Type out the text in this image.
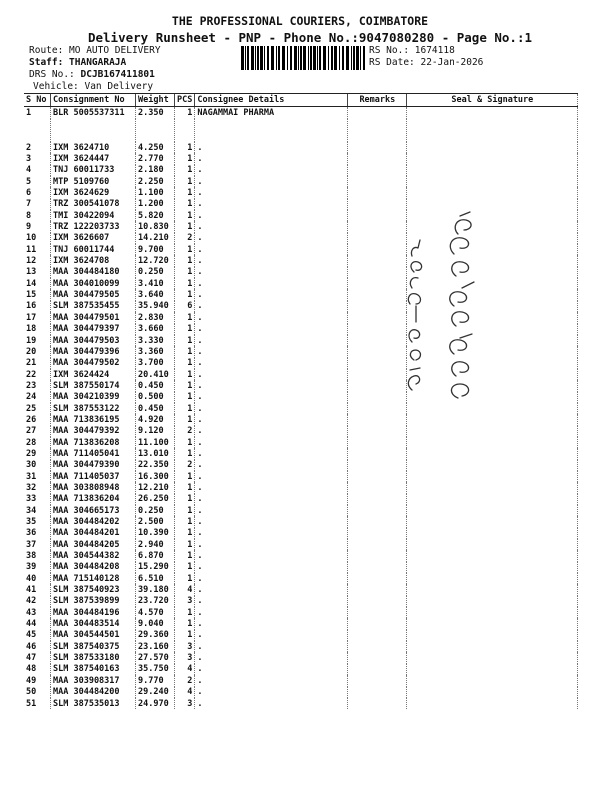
THE PROFESSIONAL COURIERS, COIMBATORE
Delivery Runsheet - PNP - Phone No.:9047080280 - Page No.:1
Route: MO AUTO DELIVERY
Staff: THANGARAJA
DRS No.: DCJB167411801
Vehicle: Van Delivery
RS No.: 1674118
RS Date: 22-Jan-2026
S No	Consignment No	Weight	PCS	Consignee Details	Remarks	Seal & Signature
1	BLR 5005537311	2.350	1	NAGAMMAI PHARMA		

2	IXM 3624710	4.250	1	.		
3	IXM 3624447	2.770	1	.		
4	TNJ 60011733	2.180	1	.		
5	MTP 5109760	2.250	1	.		
6	IXM 3624629	1.100	1	.		
7	TRZ 300541078	1.200	1	.		
8	TMI 30422094	5.820	1	.		
9	TRZ 122203733	10.830	1	.		
10	IXM 3626607	14.210	2	.		
11	TNJ 60011744	9.700	1	.		
12	IXM 3624708	12.720	1	.		
13	MAA 304484180	0.250	1	.		
14	MAA 304010099	3.410	1	.		
15	MAA 304479505	3.640	1	.		
16	SLM 387535455	35.940	6	.		
17	MAA 304479501	2.830	1	.		
18	MAA 304479397	3.660	1	.		
19	MAA 304479503	3.330	1	.		
20	MAA 304479396	3.360	1	.		
21	MAA 304479502	3.700	1	.		
22	IXM 3624424	20.410	1	.		
23	SLM 387550174	0.450	1	.		
24	MAA 304210399	0.500	1	.		
25	SLM 387553122	0.450	1	.		
26	MAA 713836195	4.920	1	.		
27	MAA 304479392	9.120	2	.		
28	MAA 713836208	11.100	1	.		
29	MAA 711405041	13.010	1	.		
30	MAA 304479390	22.350	2	.		
31	MAA 711405037	16.300	1	.		
32	MAA 303808948	12.210	1	.		
33	MAA 713836204	26.250	1	.		
34	MAA 304665173	0.250	1	.		
35	MAA 304484202	2.500	1	.		
36	MAA 304484201	10.390	1	.		
37	MAA 304484205	2.940	1	.		
38	MAA 304544382	6.870	1	.		
39	MAA 304484208	15.290	1	.		
40	MAA 715140128	6.510	1	.		
41	SLM 387540923	39.180	4	.		
42	SLM 387539899	23.720	3	.		
43	MAA 304484196	4.570	1	.		
44	MAA 304483514	9.040	1	.		
45	MAA 304544501	29.360	1	.		
46	SLM 387540375	23.160	3	.		
47	SLM 387533180	27.570	3	.		
48	SLM 387540163	35.750	4	.		
49	MAA 303908317	9.770	2	.		
50	MAA 304484200	29.240	4	.		
51	SLM 387535013	24.970	3	.		
